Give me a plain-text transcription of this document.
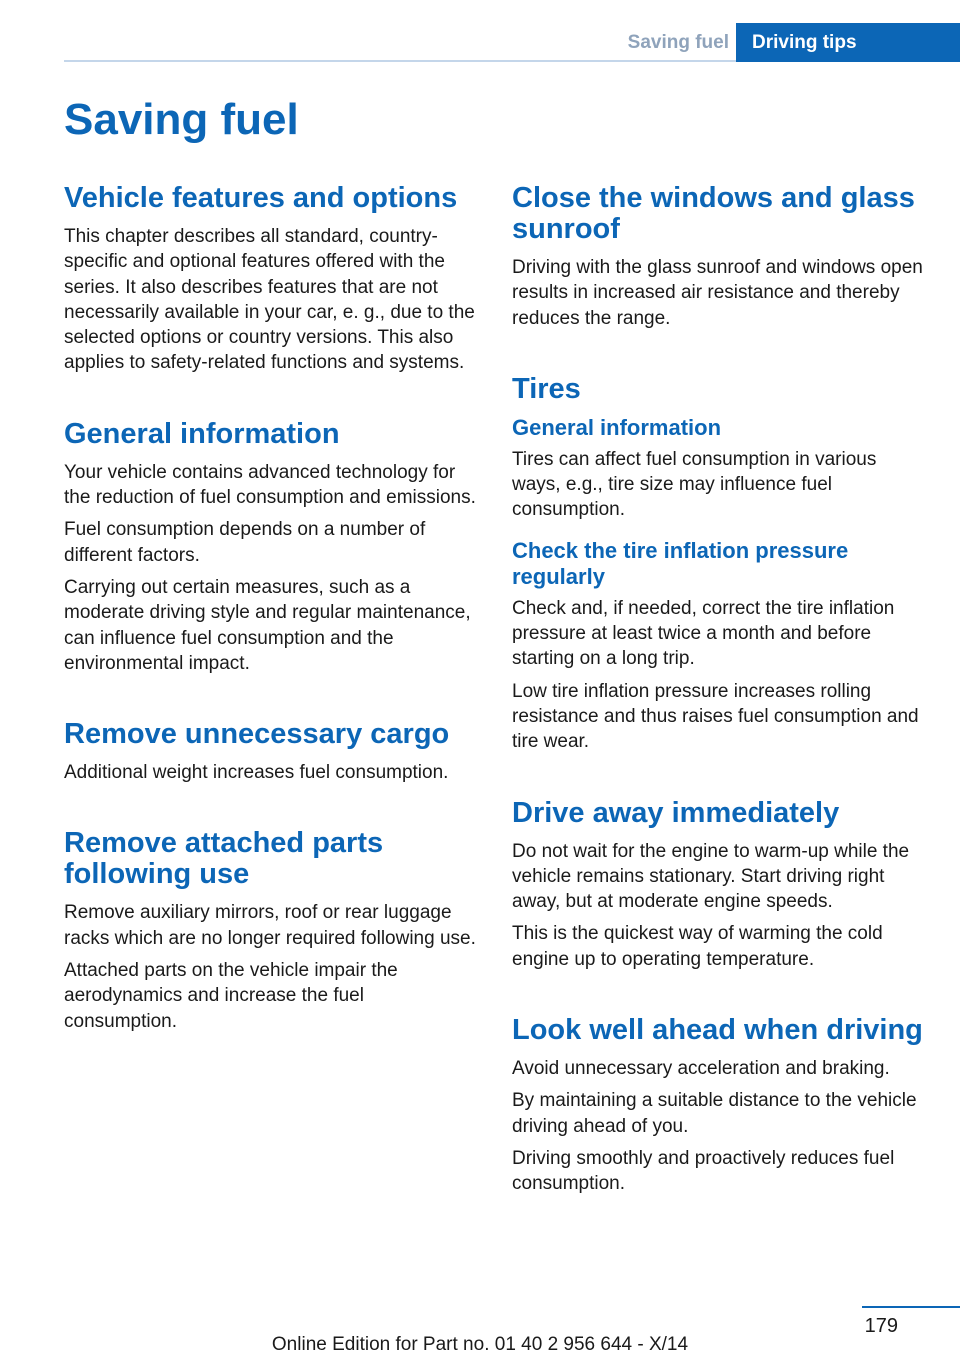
Saving fuel	Driving tips
Saving fuel
Vehicle features and options

This chapter describes all standard, country-specific and optional features offered with the series. It also describes features that are not necessarily available in your car, e. g., due to the selected options or country versions. This also applies to safety-related functions and systems.

General information

Your vehicle contains advanced technology for the reduction of fuel consumption and emissions.

Fuel consumption depends on a number of different factors.

Carrying out certain measures, such as a moderate driving style and regular maintenance, can influence fuel consumption and the environmental impact.

Remove unnecessary cargo

Additional weight increases fuel consumption.

Remove attached parts following use

Remove auxiliary mirrors, roof or rear luggage racks which are no longer required following use.

Attached parts on the vehicle impair the aerodynamics and increase the fuel consumption.

Close the windows and glass sunroof

Driving with the glass sunroof and windows open results in increased air resistance and thereby reduces the range.

Tires
General information

Tires can affect fuel consumption in various ways, e.g., tire size may influence fuel consumption.

Check the tire inflation pressure regularly

Check and, if needed, correct the tire inflation pressure at least twice a month and before starting on a long trip.

Low tire inflation pressure increases rolling resistance and thus raises fuel consumption and tire wear.

Drive away immediately

Do not wait for the engine to warm-up while the vehicle remains stationary. Start driving right away, but at moderate engine speeds.

This is the quickest way of warming the cold engine up to operating temperature.

Look well ahead when driving

Avoid unnecessary acceleration and braking.

By maintaining a suitable distance to the vehicle driving ahead of you.

Driving smoothly and proactively reduces fuel consumption.

179
Online Edition for Part no. 01 40 2 956 644 - X/14
